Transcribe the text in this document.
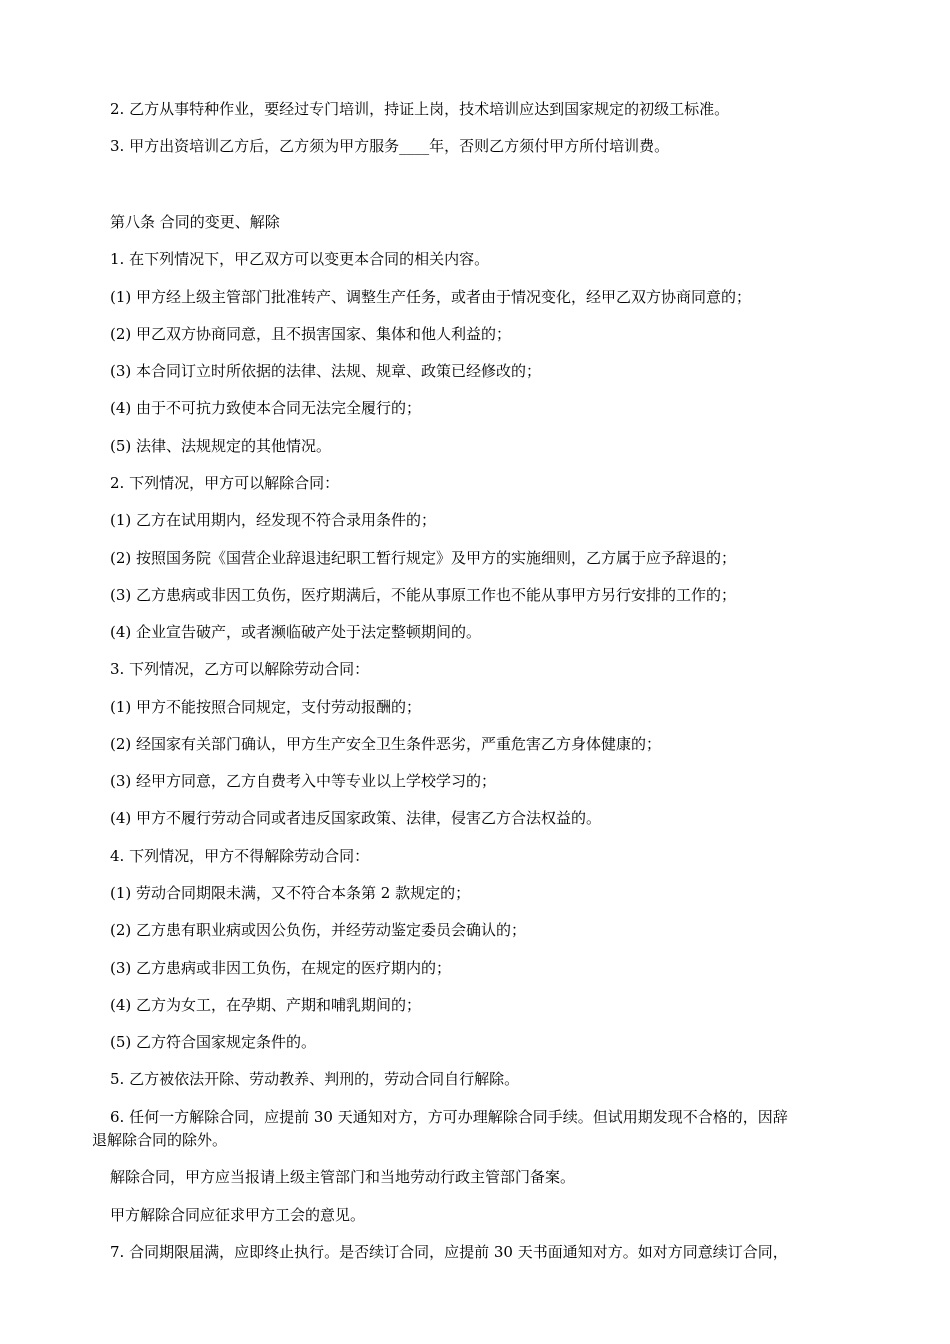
2. 乙方从事特种作业，要经过专门培训，持证上岗，技术培训应达到国家规定的初级工标准。
3. 甲方出资培训乙方后，乙方须为甲方服务____年，否则乙方须付甲方所付培训费。
第八条 合同的变更、解除
1. 在下列情况下，甲乙双方可以变更本合同的相关内容。
(1) 甲方经上级主管部门批准转产、调整生产任务，或者由于情况变化，经甲乙双方协商同意的；
(2) 甲乙双方协商同意，且不损害国家、集体和他人利益的；
(3) 本合同订立时所依据的法律、法规、规章、政策已经修改的；
(4) 由于不可抗力致使本合同无法完全履行的；
(5) 法律、法规规定的其他情况。
2. 下列情况，甲方可以解除合同：
(1) 乙方在试用期内，经发现不符合录用条件的；
(2) 按照国务院《国营企业辞退违纪职工暂行规定》及甲方的实施细则，乙方属于应予辞退的；
(3) 乙方患病或非因工负伤，医疗期满后，不能从事原工作也不能从事甲方另行安排的工作的；
(4) 企业宣告破产，或者濒临破产处于法定整顿期间的。
3. 下列情况，乙方可以解除劳动合同：
(1) 甲方不能按照合同规定，支付劳动报酬的；
(2) 经国家有关部门确认，甲方生产安全卫生条件恶劣，严重危害乙方身体健康的；
(3) 经甲方同意，乙方自费考入中等专业以上学校学习的；
(4) 甲方不履行劳动合同或者违反国家政策、法律，侵害乙方合法权益的。
4. 下列情况，甲方不得解除劳动合同：
(1) 劳动合同期限未满，又不符合本条第 2 款规定的；
(2) 乙方患有职业病或因公负伤，并经劳动鉴定委员会确认的；
(3) 乙方患病或非因工负伤，在规定的医疗期内的；
(4) 乙方为女工，在孕期、产期和哺乳期间的；
(5) 乙方符合国家规定条件的。
5. 乙方被依法开除、劳动教养、判刑的，劳动合同自行解除。
6. 任何一方解除合同，应提前 30 天通知对方，方可办理解除合同手续。但试用期发现不合格的，因辞
退解除合同的除外。
解除合同，甲方应当报请上级主管部门和当地劳动行政主管部门备案。
甲方解除合同应征求甲方工会的意见。
7. 合同期限届满，应即终止执行。是否续订合同，应提前 30 天书面通知对方。如对方同意续订合同，
